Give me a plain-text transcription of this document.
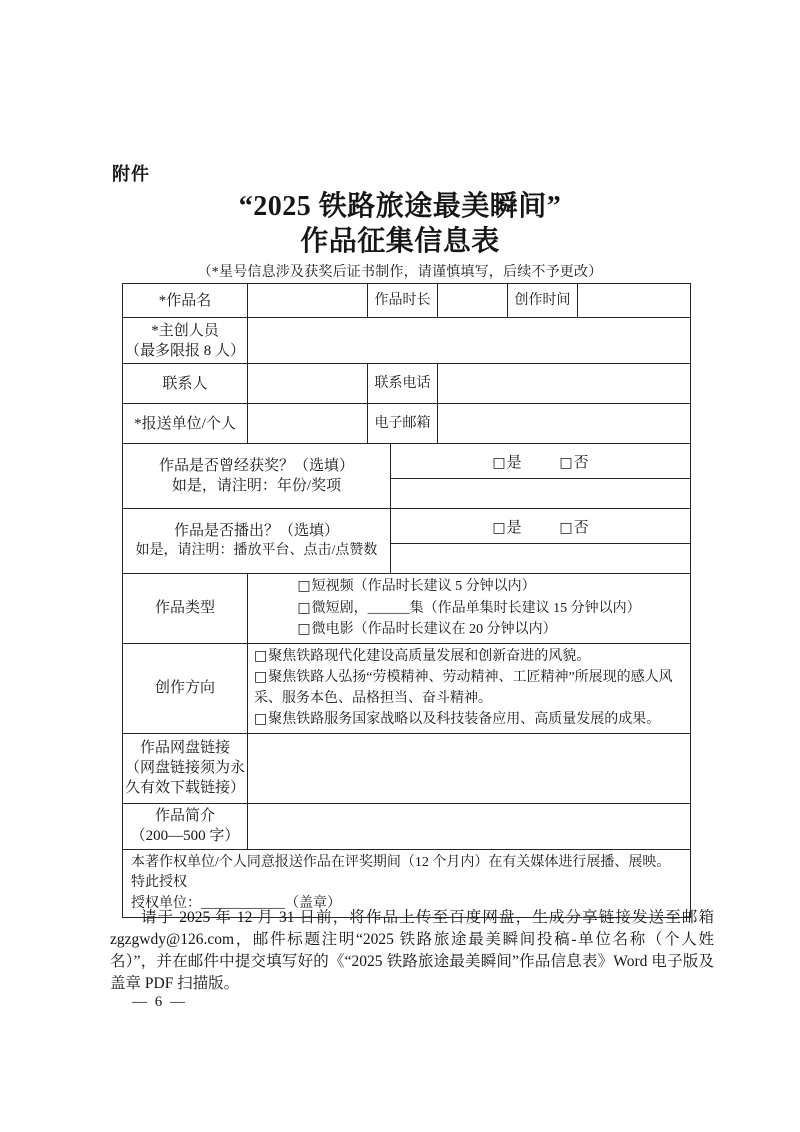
附件
“2025 铁路旅途最美瞬间”
作品征集信息表
（*星号信息涉及获奖后证书制作，请谨慎填写，后续不予更改）
*作品名		作品时长			创作时间	

*主创人员
（最多限报 8 人）						

联系人		联系电话				
*报送单位/个人		电子邮箱				

作品是否曾经获奖？（选填）
如是，请注明：年份/奖项			□是 □否			

作品是否播出？（选填）
如是，请注明：播放平台、点击/点赞数			□是 □否			

作品类型	□短视频（作品时长建议 5 分钟以内）
□微短剧，______集（作品单集时长建议 15 分钟以内）
□微电影（作品时长建议在 20 分钟以内）					

创作方向	□聚焦铁路现代化建设高质量发展和创新奋进的风貌。
□聚焦铁路人弘扬“劳模精神、劳动精神、工匠精神”所展现的感人风采、服务本色、品格担当、奋斗精神。
□聚焦铁路服务国家战略以及科技装备应用、高质量发展的成果。					

作品网盘链接
（网盘链接须为永
久有效下载链接）						

作品简介
（200—500 字）						

本著作权单位/个人同意报送作品在评奖期间（12 个月内）在有关媒体进行展播、展映。
特此授权
授权单位：____________（盖章）						
请于 2025 年 12 月 31 日前，将作品上传至百度网盘，生成分享链接发送至邮箱 zgzgwdy@126.com，邮件标题注明“2025 铁路旅途最美瞬间投稿-单位名称（个人姓名）”，并在邮件中提交填写好的《“2025 铁路旅途最美瞬间”作品信息表》Word 电子版及盖章 PDF 扫描版。
— 6 —
